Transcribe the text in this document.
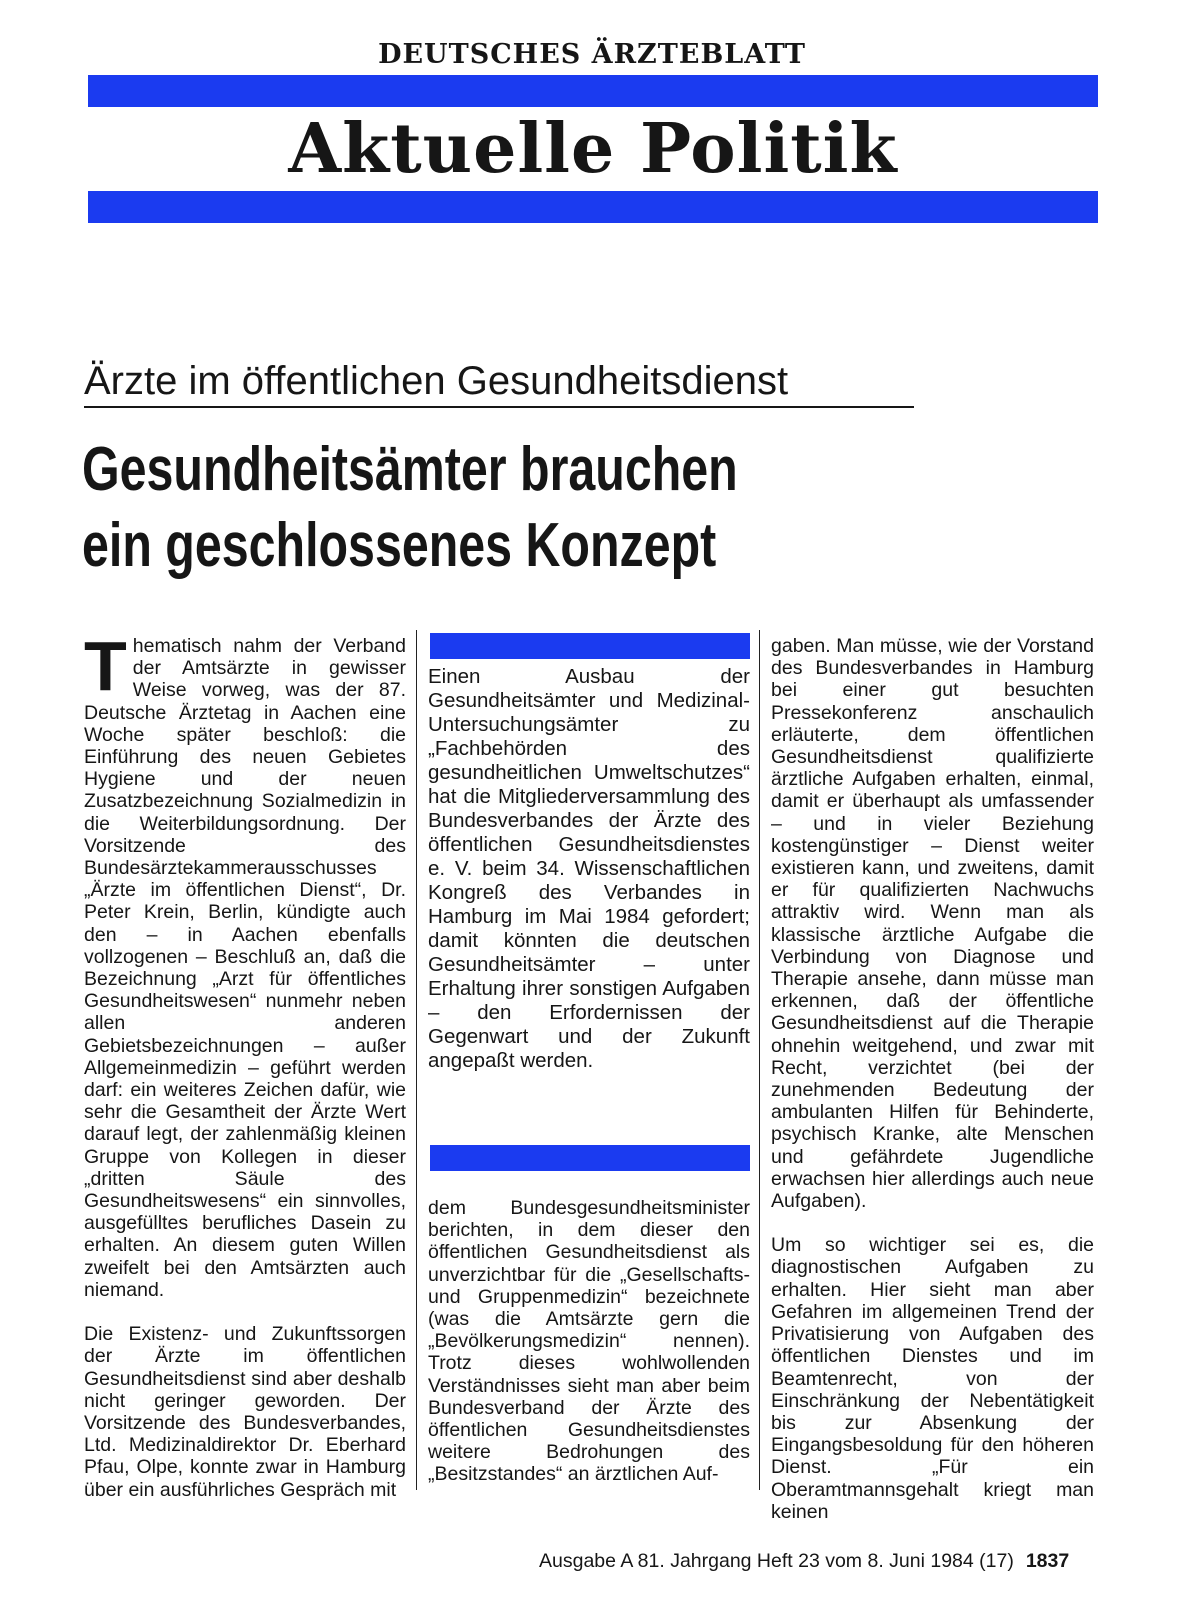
DEUTSCHES ÄRZTEBLATT
Aktuelle Politik
Ärzte im öffentlichen Gesundheitsdienst
Gesundheitsämter brauchen
ein geschlossenes Konzept
T hematisch nahm der Verband der Amtsärzte in gewisser Weise vorweg, was der 87. Deutsche Ärztetag in Aachen eine Woche später beschloß: die Einführung des neuen Gebietes Hygiene und der neuen Zusatzbezeichnung Sozialmedizin in die Weiterbildungsordnung. Der Vorsitzende des Bundesärztekammerausschusses „Ärzte im öffentlichen Dienst“, Dr. Peter Krein, Berlin, kündigte auch den – in Aachen ebenfalls vollzogenen – Beschluß an, daß die Bezeichnung „Arzt für öffentliches Gesundheitswesen“ nunmehr neben allen anderen Gebietsbezeichnungen – außer Allgemeinmedizin – geführt werden darf: ein weiteres Zeichen dafür, wie sehr die Gesamtheit der Ärzte Wert darauf legt, der zahlenmäßig kleinen Gruppe von Kollegen in dieser „dritten Säule des Gesundheitswesens“ ein sinnvolles, ausgefülltes berufliches Dasein zu erhalten. An diesem guten Willen zweifelt bei den Amtsärzten auch niemand.

Die Existenz- und Zukunftssorgen der Ärzte im öffentlichen Gesundheitsdienst sind aber deshalb nicht geringer geworden. Der Vorsitzende des Bundesverbandes, Ltd. Medizinaldirektor Dr. Eberhard Pfau, Olpe, konnte zwar in Hamburg über ein ausführliches Gespräch mit

Einen Ausbau der Gesundheitsämter und Medizinal-Untersuchungsämter zu „Fachbehörden des gesundheitlichen Umweltschutzes“ hat die Mitgliederversammlung des Bundesverbandes der Ärzte des öffentlichen Gesundheitsdienstes e. V. beim 34. Wissenschaftlichen Kongreß des Verbandes in Hamburg im Mai 1984 gefordert; damit könnten die deutschen Gesundheitsämter – unter Erhaltung ihrer sonstigen Aufgaben – den Erfordernissen der Gegenwart und der Zukunft angepaßt werden.

dem Bundesgesundheitsminister berichten, in dem dieser den öffentlichen Gesundheitsdienst als unverzichtbar für die „Gesellschafts- und Gruppenmedizin“ bezeichnete (was die Amtsärzte gern die „Bevölkerungsmedizin“ nennen). Trotz dieses wohlwollenden Verständnisses sieht man aber beim Bundesverband der Ärzte des öffentlichen Gesundheitsdienstes weitere Bedrohungen des „Besitzstandes“ an ärztlichen Auf-

gaben. Man müsse, wie der Vorstand des Bundesverbandes in Hamburg bei einer gut besuchten Pressekonferenz anschaulich erläuterte, dem öffentlichen Gesundheitsdienst qualifizierte ärztliche Aufgaben erhalten, einmal, damit er überhaupt als umfassender – und in vieler Beziehung kostengünstiger – Dienst weiter existieren kann, und zweitens, damit er für qualifizierten Nachwuchs attraktiv wird. Wenn man als klassische ärztliche Aufgabe die Verbindung von Diagnose und Therapie ansehe, dann müsse man erkennen, daß der öffentliche Gesundheitsdienst auf die Therapie ohnehin weitgehend, und zwar mit Recht, verzichtet (bei der zunehmenden Bedeutung der ambulanten Hilfen für Behinderte, psychisch Kranke, alte Menschen und gefährdete Jugendliche erwachsen hier allerdings auch neue Aufgaben).

Um so wichtiger sei es, die diagnostischen Aufgaben zu erhalten. Hier sieht man aber Gefahren im allgemeinen Trend der Privatisierung von Aufgaben des öffentlichen Dienstes und im Beamtenrecht, von der Einschränkung der Nebentätigkeit bis zur Absenkung der Eingangsbesoldung für den höheren Dienst. „Für ein Oberamtmannsgehalt kriegt man keinen

Ausgabe A 81. Jahrgang Heft 23 vom 8. Juni 1984 (17) 1837
